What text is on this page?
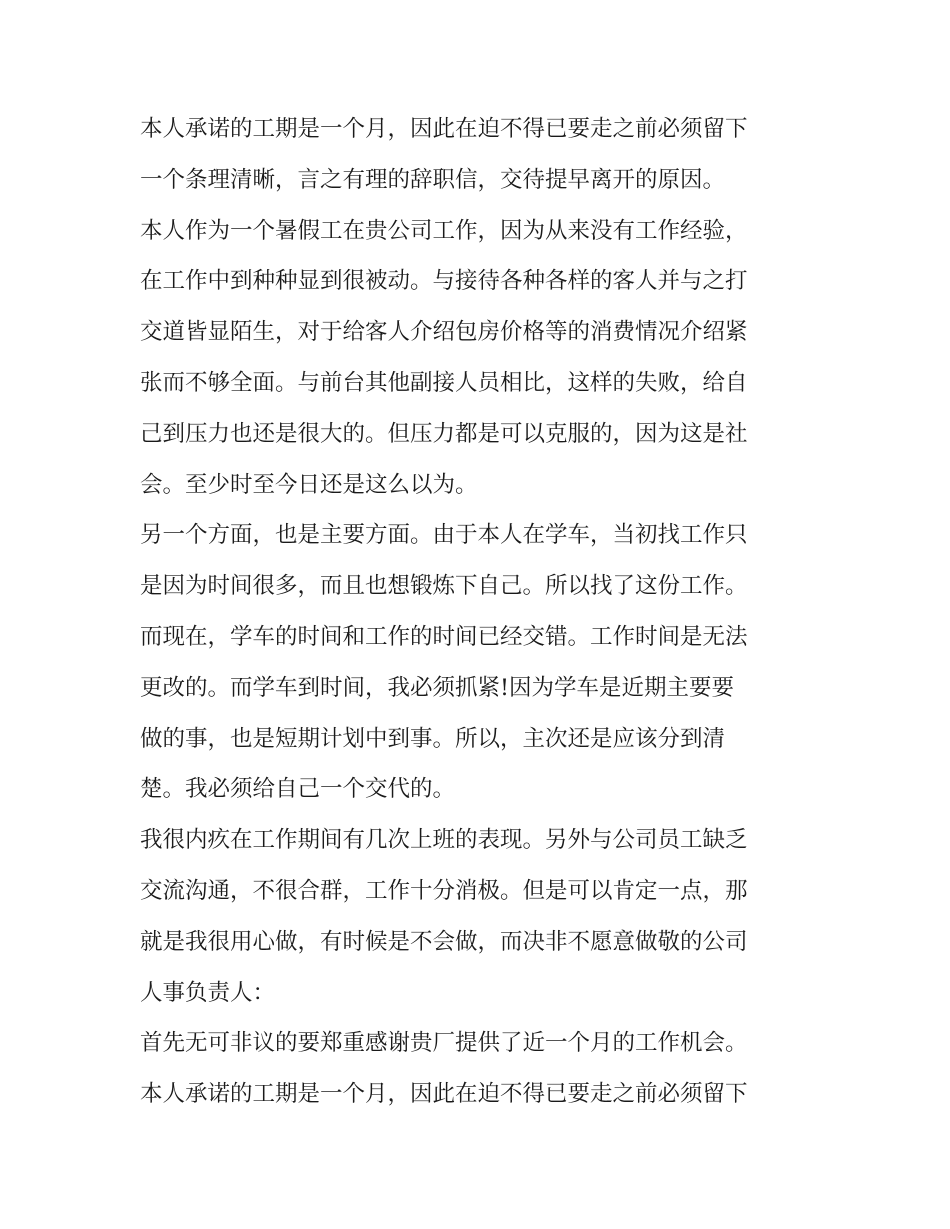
本人承诺的工期是一个月，因此在迫不得已要走之前必须留下

一个条理清晰，言之有理的辞职信，交待提早离开的原因。

本人作为一个暑假工在贵公司工作，因为从来没有工作经验，

在工作中到种种显到很被动。与接待各种各样的客人并与之打

交道皆显陌生，对于给客人介绍包房价格等的消费情况介绍紧

张而不够全面。与前台其他副接人员相比，这样的失败，给自

己到压力也还是很大的。但压力都是可以克服的，因为这是社

会。至少时至今日还是这么以为。

另一个方面，也是主要方面。由于本人在学车，当初找工作只

是因为时间很多，而且也想锻炼下自己。所以找了这份工作。

而现在，学车的时间和工作的时间已经交错。工作时间是无法

更改的。而学车到时间，我必须抓紧!因为学车是近期主要要

做的事，也是短期计划中到事。所以，主次还是应该分到清

楚。我必须给自己一个交代的。

我很内疚在工作期间有几次上班的表现。另外与公司员工缺乏

交流沟通，不很合群，工作十分消极。但是可以肯定一点，那

就是我很用心做，有时候是不会做，而决非不愿意做敬的公司

人事负责人：

首先无可非议的要郑重感谢贵厂提供了近一个月的工作机会。

本人承诺的工期是一个月，因此在迫不得已要走之前必须留下
